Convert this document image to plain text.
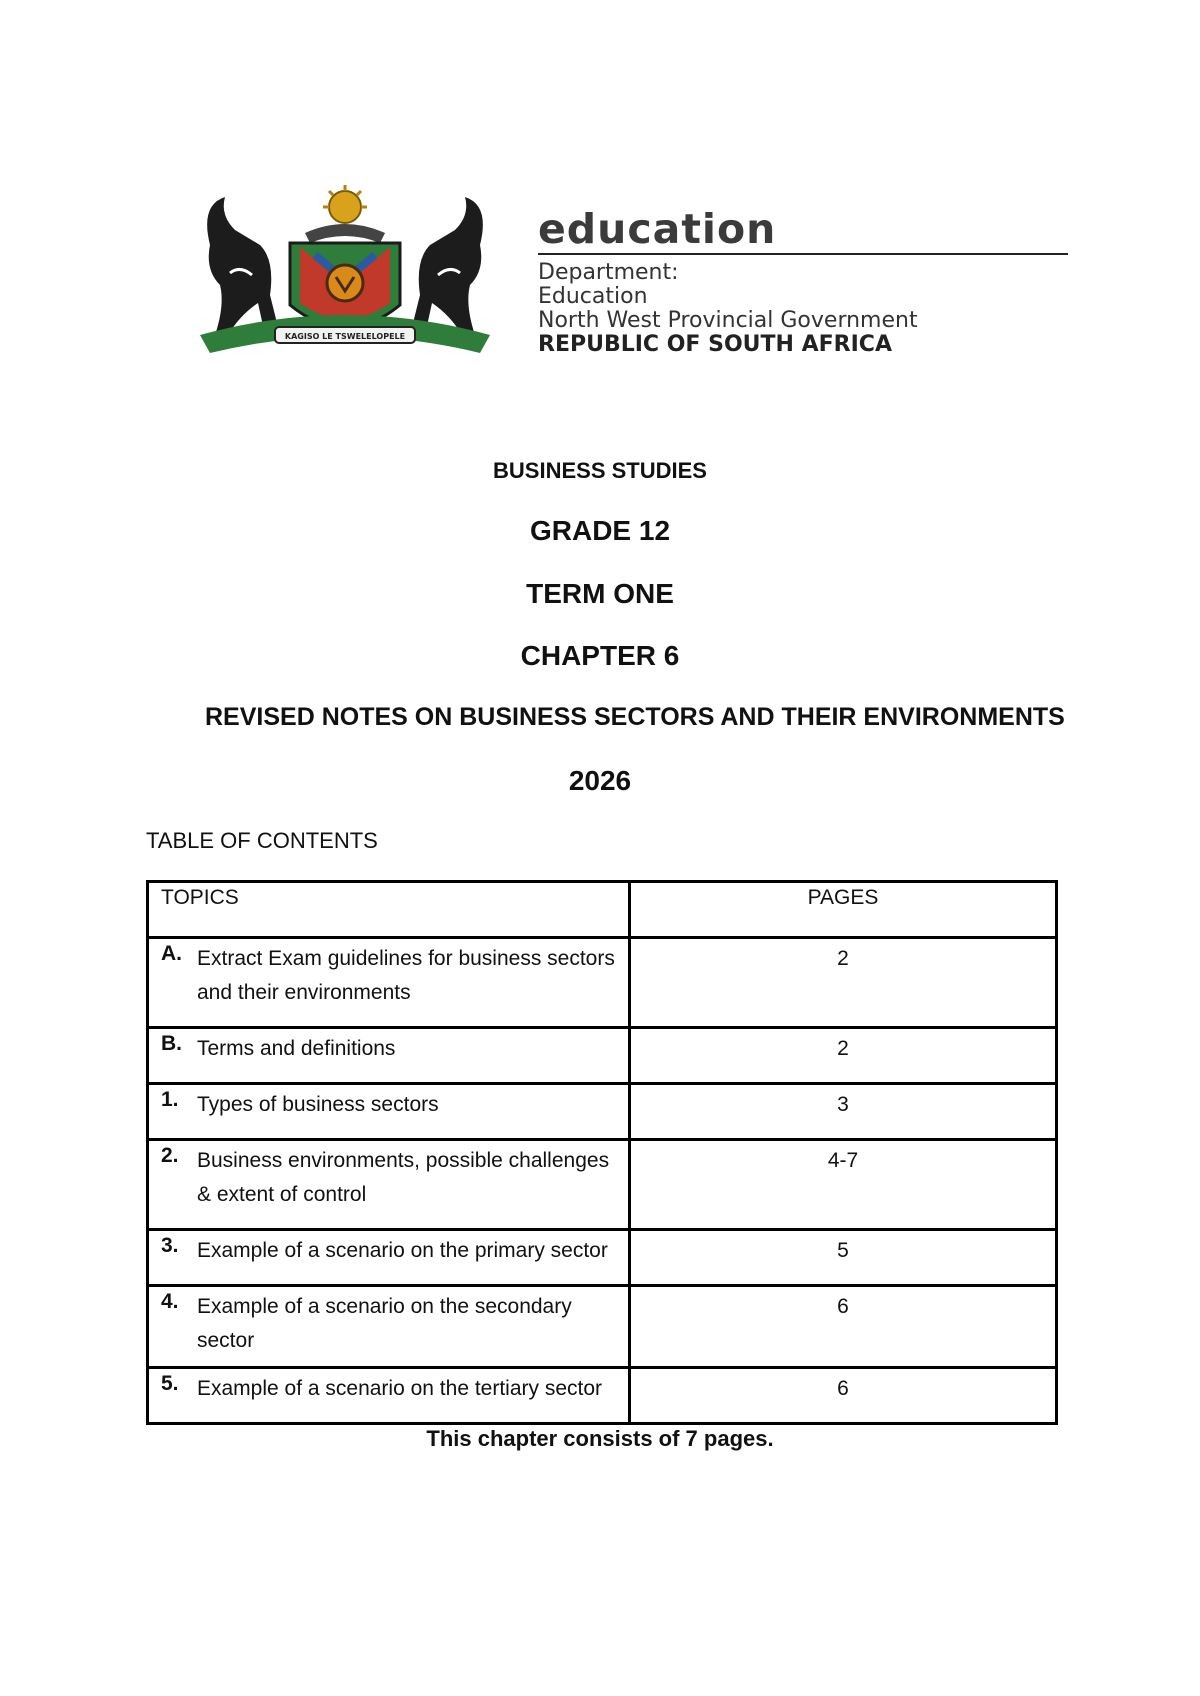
KAGISO LE TSWELELOPELE
education
Department:
Education
North West Provincial Government
REPUBLIC OF SOUTH AFRICA
BUSINESS STUDIES
GRADE 12
TERM ONE
CHAPTER 6
REVISED NOTES ON BUSINESS SECTORS AND THEIR ENVIRONMENTS
2026
TABLE OF CONTENTS
TOPICS	PAGES

A. Extract Exam guidelines for business sectors and their environments	2

B. Terms and definitions	2

1. Types of business sectors	3

2. Business environments, possible challenges & extent of control	4-7

3. Example of a scenario on the primary sector	5

4. Example of a scenario on the secondary sector	6

5. Example of a scenario on the tertiary sector	6
This chapter consists of 7 pages.
